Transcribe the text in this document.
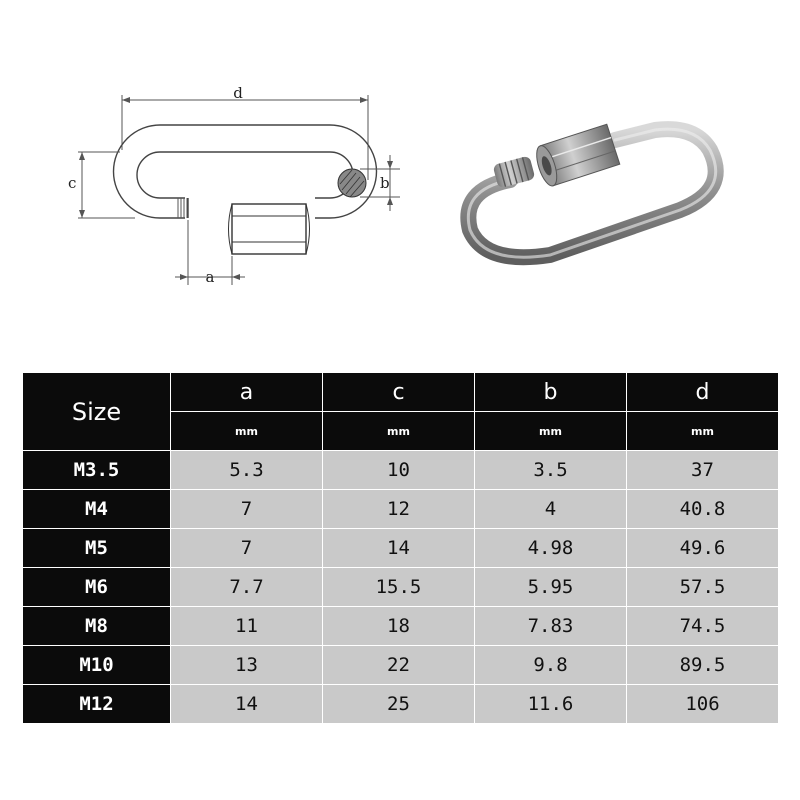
d
c	b
a
Size	a	c	b	d
	mm	mm	mm	mm
M3.5	5.3	10	3.5	37
M4	7	12	4	40.8
M5	7	14	4.98	49.6
M6	7.7	15.5	5.95	57.5
M8	11	18	7.83	74.5
M10	13	22	9.8	89.5
M12	14	25	11.6	106
